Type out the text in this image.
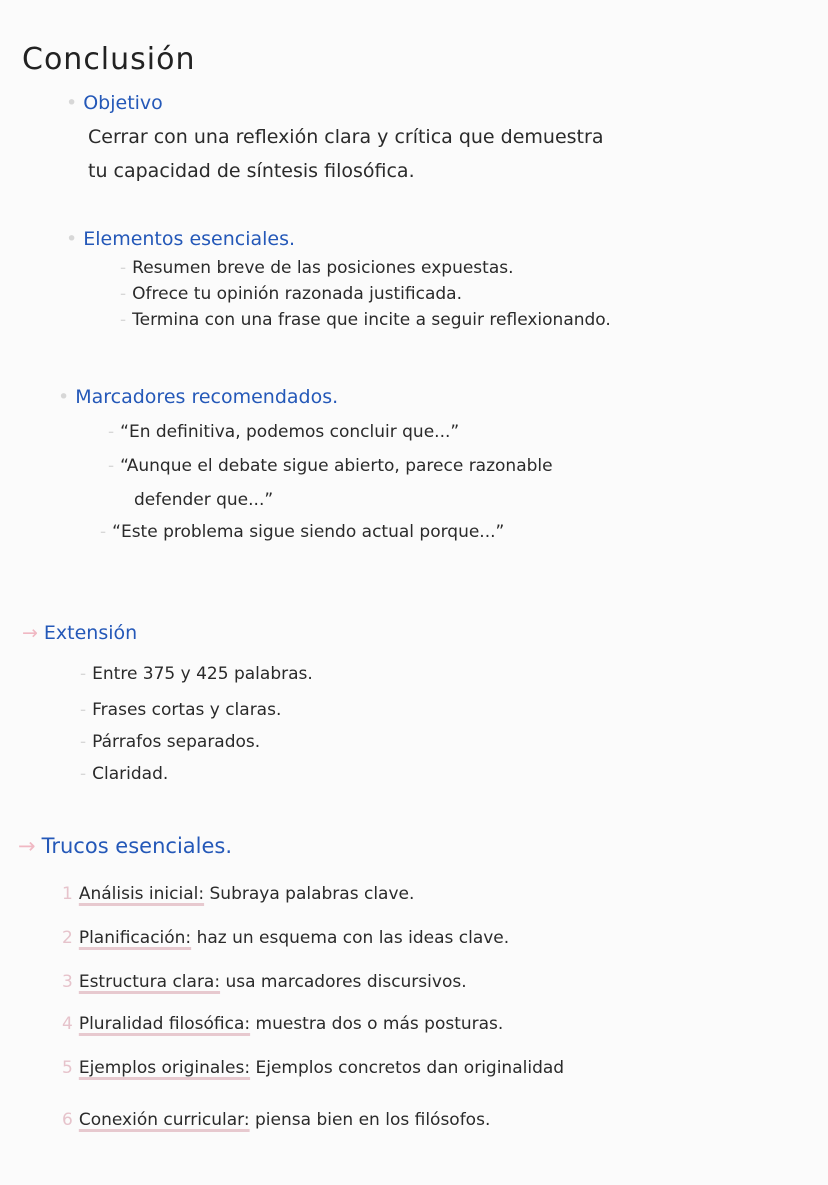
Conclusión
• Objetivo
Cerrar con una reflexión clara y crítica que demuestra
tu capacidad de síntesis filosófica.
• Elementos esenciales.
- Resumen breve de las posiciones expuestas.
- Ofrece tu opinión razonada justificada.
- Termina con una frase que incite a seguir reflexionando.
• Marcadores recomendados.
- “En definitiva, podemos concluir que...”
- “Aunque el debate sigue abierto, parece razonable
defender que...”
- “Este problema sigue siendo actual porque...”
→ Extensión
- Entre 375 y 425 palabras.
- Frases cortas y claras.
- Párrafos separados.
- Claridad.
→ Trucos esenciales.
1 Análisis inicial: Subraya palabras clave.
2 Planificación: haz un esquema con las ideas clave.
3 Estructura clara: usa marcadores discursivos.
4 Pluralidad filosófica: muestra dos o más posturas.
5 Ejemplos originales: Ejemplos concretos dan originalidad
6 Conexión curricular: piensa bien en los filósofos.
